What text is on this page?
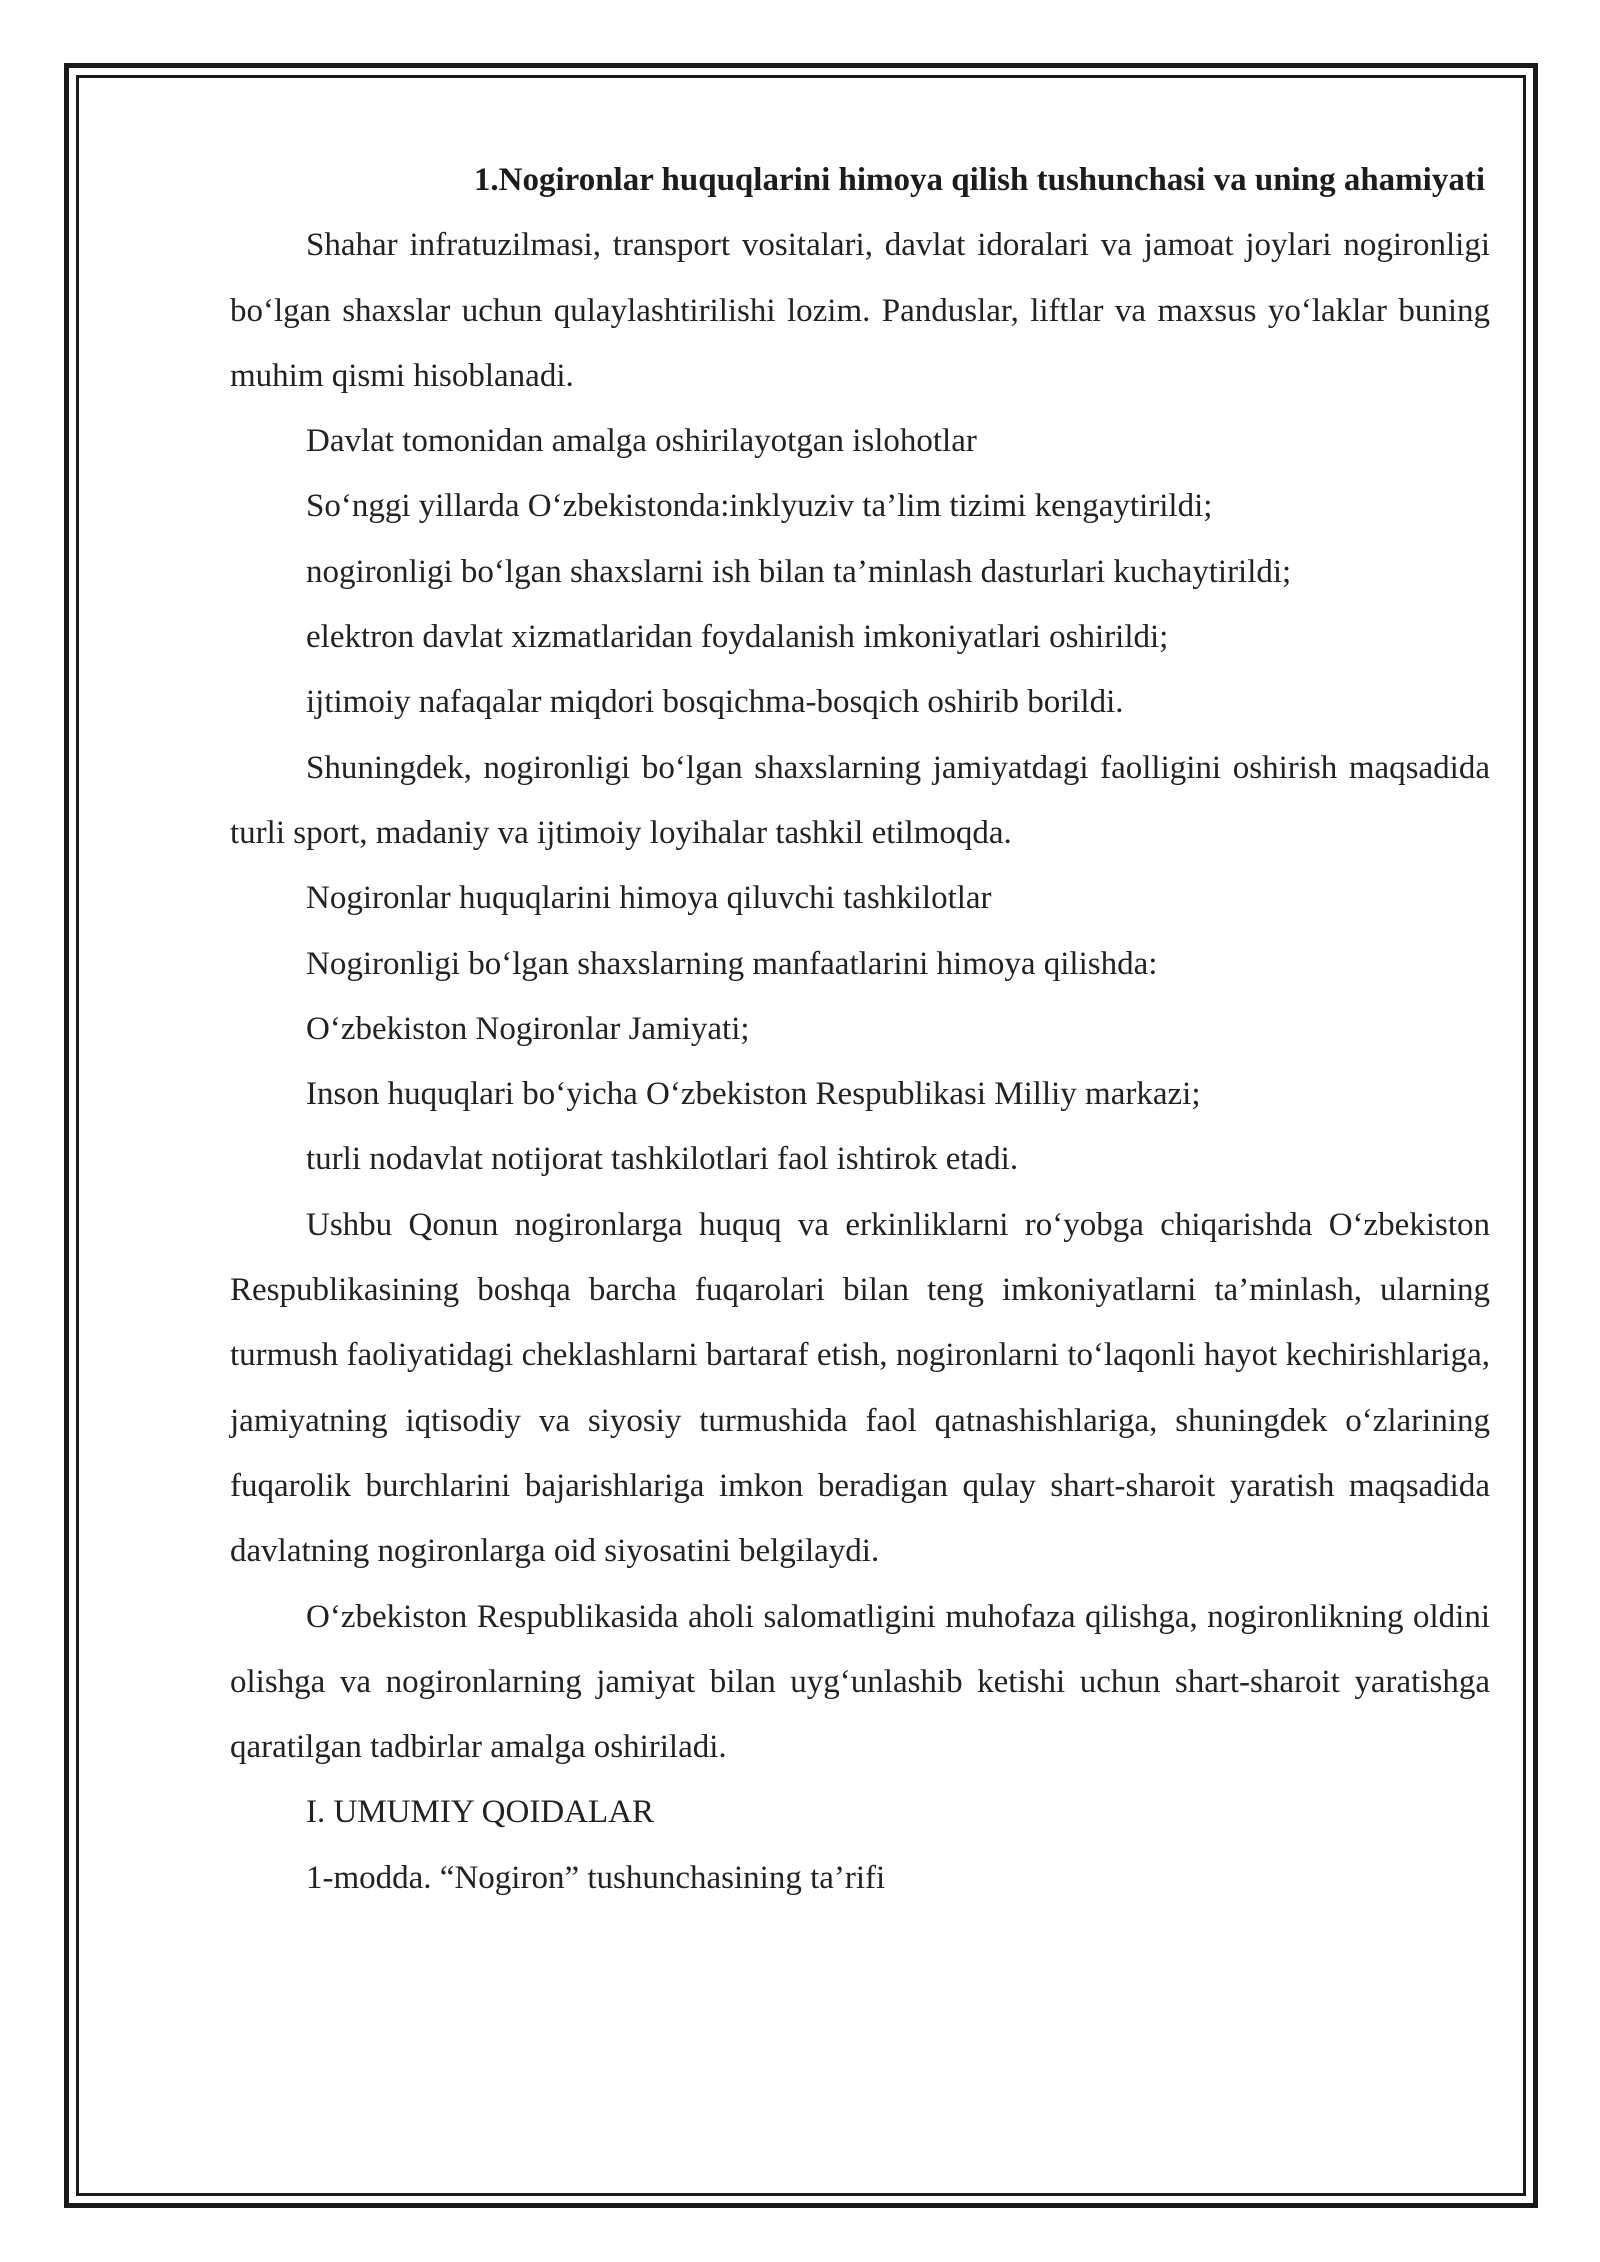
1.Nogironlar huquqlarini himoya qilish tushunchasi va uning ahamiyati

Shahar infratuzilmasi, transport vositalari, davlat idoralari va jamoat joylari nogironligi bo‘lgan shaxslar uchun qulaylashtirilishi lozim. Panduslar, liftlar va maxsus yo‘laklar buning muhim qismi hisoblanadi.

Davlat tomonidan amalga oshirilayotgan islohotlar

So‘nggi yillarda O‘zbekistonda:inklyuziv ta’lim tizimi kengaytirildi;

nogironligi bo‘lgan shaxslarni ish bilan ta’minlash dasturlari kuchaytirildi;

elektron davlat xizmatlaridan foydalanish imkoniyatlari oshirildi;

ijtimoiy nafaqalar miqdori bosqichma-bosqich oshirib borildi.

Shuningdek, nogironligi bo‘lgan shaxslarning jamiyatdagi faolligini oshirish maqsadida turli sport, madaniy va ijtimoiy loyihalar tashkil etilmoqda.

Nogironlar huquqlarini himoya qiluvchi tashkilotlar

Nogironligi bo‘lgan shaxslarning manfaatlarini himoya qilishda:

O‘zbekiston Nogironlar Jamiyati;

Inson huquqlari bo‘yicha O‘zbekiston Respublikasi Milliy markazi;

turli nodavlat notijorat tashkilotlari faol ishtirok etadi.

Ushbu Qonun nogironlarga huquq va erkinliklarni ro‘yobga chiqarishda O‘zbekiston Respublikasining boshqa barcha fuqarolari bilan teng imkoniyatlarni ta’minlash, ularning turmush faoliyatidagi cheklashlarni bartaraf etish, nogironlarni to‘laqonli hayot kechirishlariga, jamiyatning iqtisodiy va siyosiy turmushida faol qatnashishlariga, shuningdek o‘zlarining fuqarolik burchlarini bajarishlariga imkon beradigan qulay shart-sharoit yaratish maqsadida davlatning nogironlarga oid siyosatini belgilaydi.

O‘zbekiston Respublikasida aholi salomatligini muhofaza qilishga, nogironlikning oldini olishga va nogironlarning jamiyat bilan uyg‘unlashib ketishi uchun shart-sharoit yaratishga qaratilgan tadbirlar amalga oshiriladi.

I. UMUMIY QOIDALAR

1-modda. “Nogiron” tushunchasining ta’rifi
